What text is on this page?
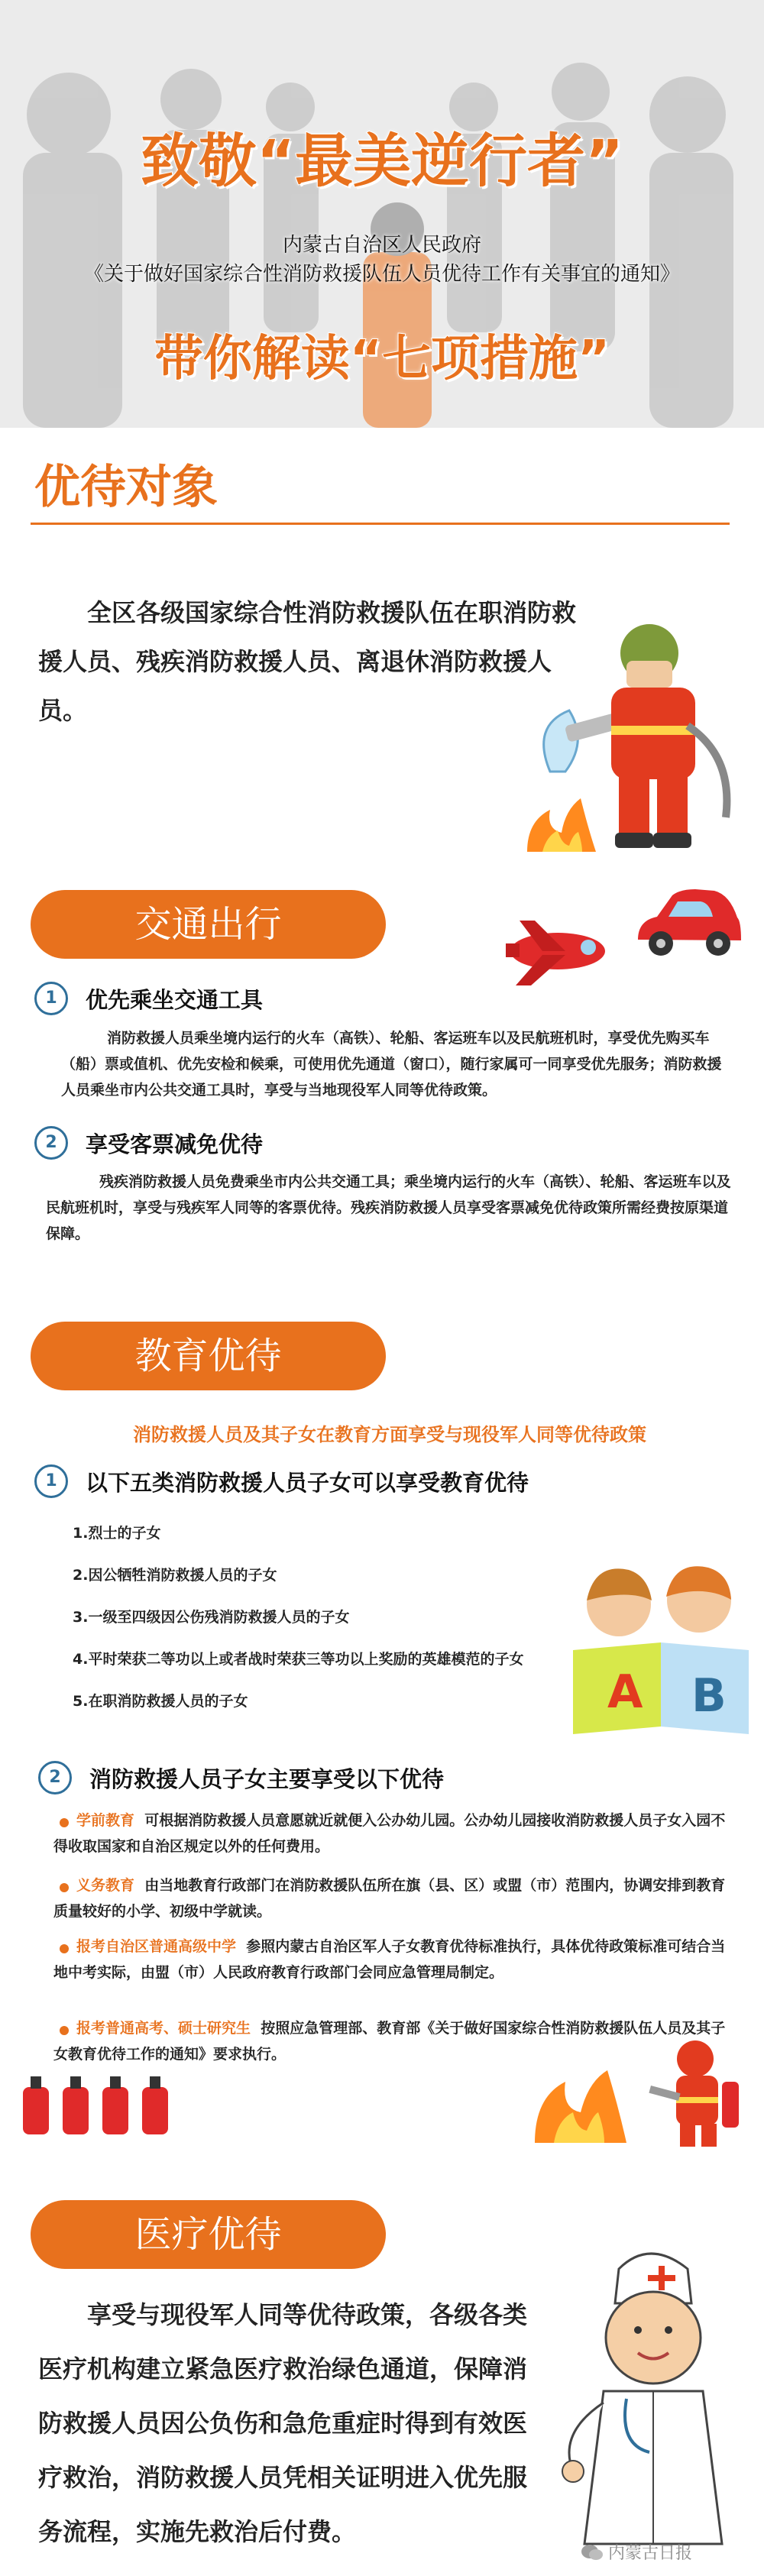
致敬“最美逆行者”
内蒙古自治区人民政府
《关于做好国家综合性消防救援队伍人员优待工作有关事宜的通知》
带你解读“七项措施”
优待对象
全区各级国家综合性消防救援队伍在职消防救援人员、残疾消防救援人员、离退休消防救援人员。
交通出行
1	优先乘坐交通工具
消防救援人员乘坐境内运行的火车（高铁）、轮船、客运班车以及民航班机时，享受优先购买车（船）票或值机、优先安检和候乘，可使用优先通道（窗口），随行家属可一同享受优先服务；消防救援人员乘坐市内公共交通工具时，享受与当地现役军人同等优待政策。
2	享受客票减免优待
残疾消防救援人员免费乘坐市内公共交通工具；乘坐境内运行的火车（高铁）、轮船、客运班车以及民航班机时，享受与残疾军人同等的客票优待。残疾消防救援人员享受客票减免优待政策所需经费按原渠道保障。
教育优待
消防救援人员及其子女在教育方面享受与现役军人同等优待政策
1	以下五类消防救援人员子女可以享受教育优待
1.烈士的子女
2.因公牺牲消防救援人员的子女
3.一级至四级因公伤残消防救援人员的子女
4.平时荣获二等功以上或者战时荣获三等功以上奖励的英雄模范的子女
5.在职消防救援人员的子女	A B
2	消防救援人员子女主要享受以下优待
学前教育 可根据消防救援人员意愿就近就便入公办幼儿园。公办幼儿园接收消防救援人员子女入园不得收取国家和自治区规定以外的任何费用。
义务教育 由当地教育行政部门在消防救援队伍所在旗（县、区）或盟（市）范围内，协调安排到教育质量较好的小学、初级中学就读。
报考自治区普通高级中学 参照内蒙古自治区军人子女教育优待标准执行，具体优待政策标准可结合当地中考实际，由盟（市）人民政府教育行政部门会同应急管理局制定。
报考普通高考、硕士研究生 按照应急管理部、教育部《关于做好国家综合性消防救援队伍人员及其子女教育优待工作的通知》要求执行。
医疗优待
享受与现役军人同等优待政策，各级各类医疗机构建立紧急医疗救治绿色通道，保障消防救援人员因公负伤和急危重症时得到有效医疗救治，消防救援人员凭相关证明进入优先服务流程，实施先救治后付费。
内蒙古日报
